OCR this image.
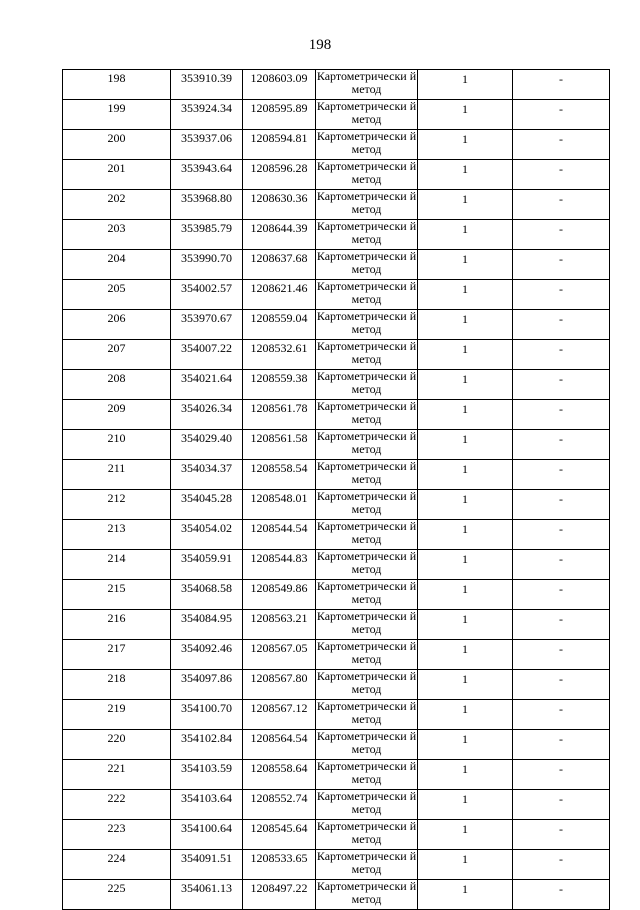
198
198	353910.39	1208603.09	Картометрически й метод	1	-
199	353924.34	1208595.89	Картометрически й метод	1	-
200	353937.06	1208594.81	Картометрически й метод	1	-
201	353943.64	1208596.28	Картометрически й метод	1	-
202	353968.80	1208630.36	Картометрически й метод	1	-
203	353985.79	1208644.39	Картометрически й метод	1	-
204	353990.70	1208637.68	Картометрически й метод	1	-
205	354002.57	1208621.46	Картометрически й метод	1	-
206	353970.67	1208559.04	Картометрически й метод	1	-
207	354007.22	1208532.61	Картометрически й метод	1	-
208	354021.64	1208559.38	Картометрически й метод	1	-
209	354026.34	1208561.78	Картометрически й метод	1	-
210	354029.40	1208561.58	Картометрически й метод	1	-
211	354034.37	1208558.54	Картометрически й метод	1	-
212	354045.28	1208548.01	Картометрически й метод	1	-
213	354054.02	1208544.54	Картометрически й метод	1	-
214	354059.91	1208544.83	Картометрически й метод	1	-
215	354068.58	1208549.86	Картометрически й метод	1	-
216	354084.95	1208563.21	Картометрически й метод	1	-
217	354092.46	1208567.05	Картометрически й метод	1	-
218	354097.86	1208567.80	Картометрически й метод	1	-
219	354100.70	1208567.12	Картометрически й метод	1	-
220	354102.84	1208564.54	Картометрически й метод	1	-
221	354103.59	1208558.64	Картометрически й метод	1	-
222	354103.64	1208552.74	Картометрически й метод	1	-
223	354100.64	1208545.64	Картометрически й метод	1	-
224	354091.51	1208533.65	Картометрически й метод	1	-
225	354061.13	1208497.22	Картометрически й метод	1	-
